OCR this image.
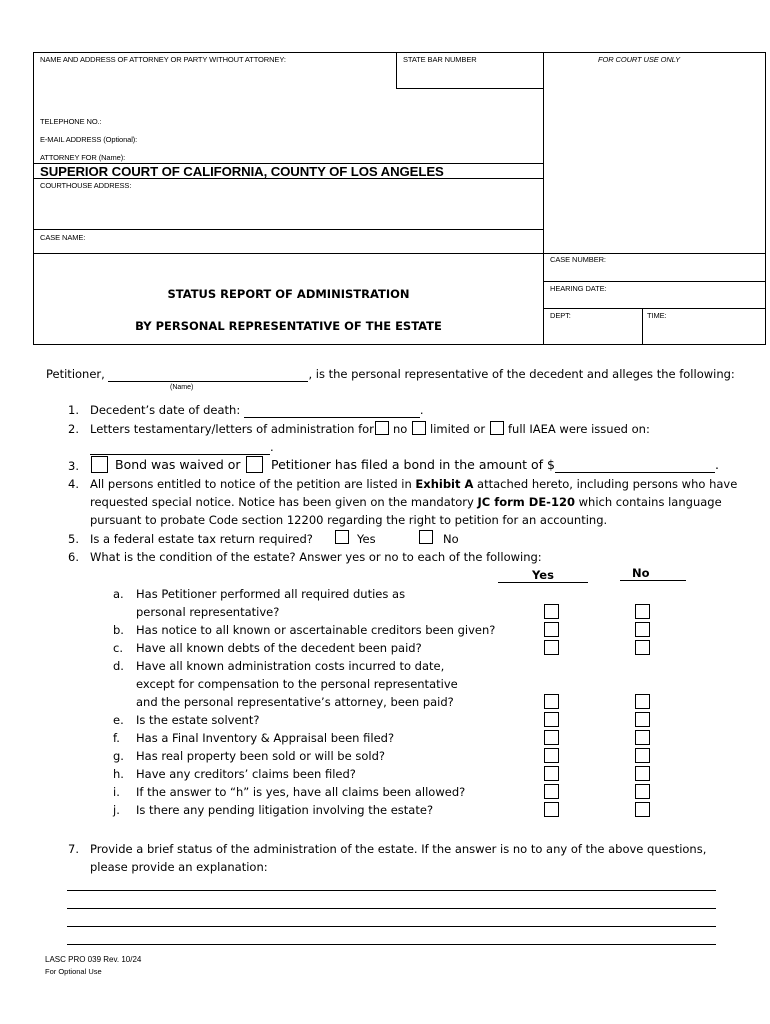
NAME AND ADDRESS OF ATTORNEY OR PARTY WITHOUT ATTORNEY:	STATE BAR NUMBER	FOR COURT USE ONLY
TELEPHONE NO.:
E-MAIL ADDRESS (Optional):
ATTORNEY FOR (Name):
SUPERIOR COURT OF CALIFORNIA, COUNTY OF LOS ANGELES
COURTHOUSE ADDRESS:
CASE NAME:
CASE NUMBER:
HEARING DATE:
DEPT:	TIME:
STATUS REPORT OF ADMINISTRATION
BY PERSONAL REPRESENTATIVE OF THE ESTATE
Petitioner,	, is the personal representative of the decedent and alleges the following:
(Name)
1. Decedent’s date of death:	.
2. Letters testamentary/letters of administration for no limited or full IAEA were issued on:
.
3.	Bond was waived or Petitioner has filed a bond in the amount of $	.
4. All persons entitled to notice of the petition are listed in Exhibit A attached hereto, including persons who have
requested special notice. Notice has been given on the mandatory JC form DE-120 which contains language
pursuant to probate Code section 12200 regarding the right to petition for an accounting.
5. Is a federal estate tax return required?	Yes	No
6. What is the condition of the estate? Answer yes or no to each of the following:
Yes	No
a. Has Petitioner performed all required duties as
personal representative?
b. Has notice to all known or ascertainable creditors been given?
c. Have all known debts of the decedent been paid?
d. Have all known administration costs incurred to date,
except for compensation to the personal representative
and the personal representative’s attorney, been paid?
e. Is the estate solvent?
f. Has a Final Inventory & Appraisal been filed?
g. Has real property been sold or will be sold?
h. Have any creditors’ claims been filed?
i. If the answer to “h” is yes, have all claims been allowed?
j. Is there any pending litigation involving the estate?
7. Provide a brief status of the administration of the estate. If the answer is no to any of the above questions,
please provide an explanation:
LASC PRO 039 Rev. 10/24
For Optional Use
